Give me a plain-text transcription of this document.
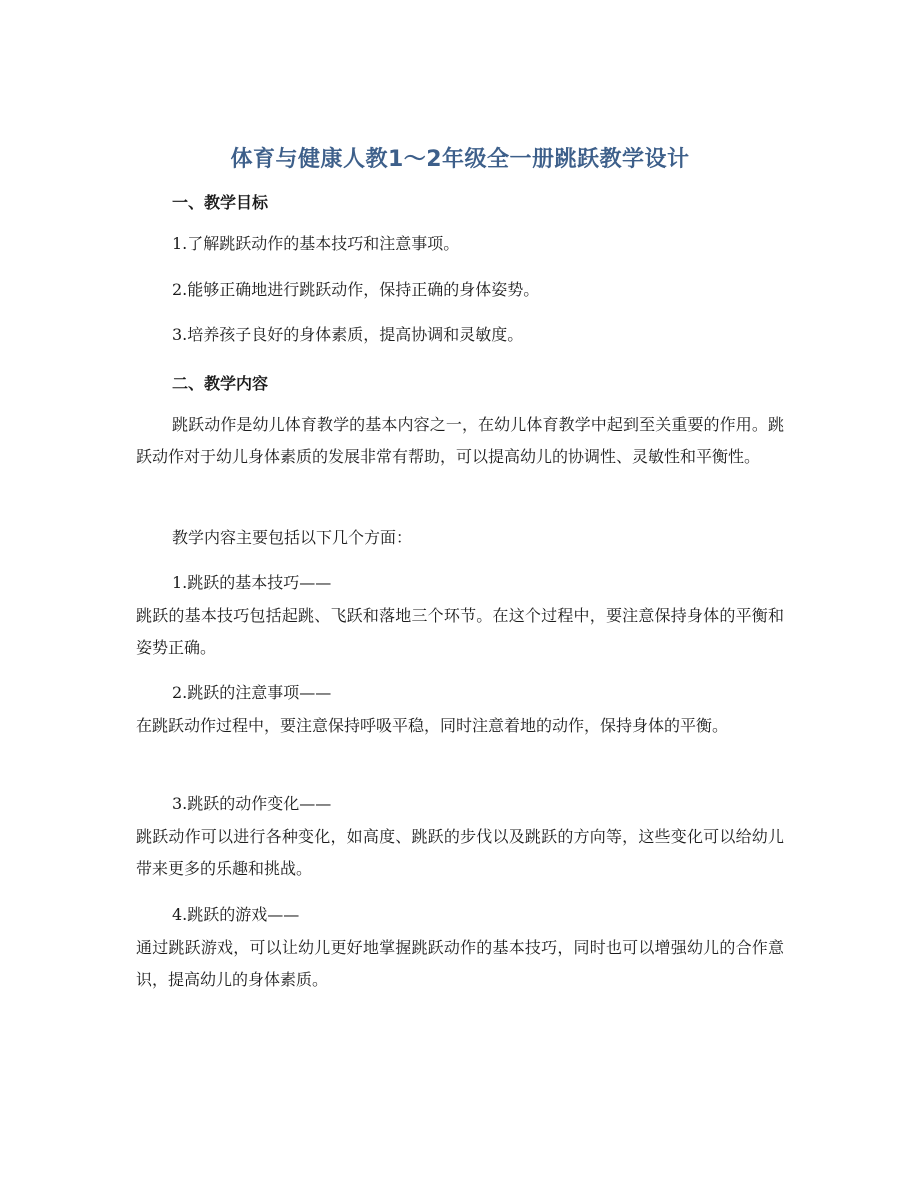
体育与健康人教1～2年级全一册跳跃教学设计
一、教学目标
1.了解跳跃动作的基本技巧和注意事项。
2.能够正确地进行跳跃动作，保持正确的身体姿势。
3.培养孩子良好的身体素质，提高协调和灵敏度。
二、教学内容
跳跃动作是幼儿体育教学的基本内容之一，在幼儿体育教学中起到至关重要的作用。跳跃动作对于幼儿身体素质的发展非常有帮助，可以提高幼儿的协调性、灵敏性和平衡性。
教学内容主要包括以下几个方面：
1.跳跃的基本技巧——
跳跃的基本技巧包括起跳、飞跃和落地三个环节。在这个过程中，要注意保持身体的平衡和姿势正确。
2.跳跃的注意事项——
在跳跃动作过程中，要注意保持呼吸平稳，同时注意着地的动作，保持身体的平衡。
3.跳跃的动作变化——
跳跃动作可以进行各种变化，如高度、跳跃的步伐以及跳跃的方向等，这些变化可以给幼儿带来更多的乐趣和挑战。
4.跳跃的游戏——
通过跳跃游戏，可以让幼儿更好地掌握跳跃动作的基本技巧，同时也可以增强幼儿的合作意识，提高幼儿的身体素质。
